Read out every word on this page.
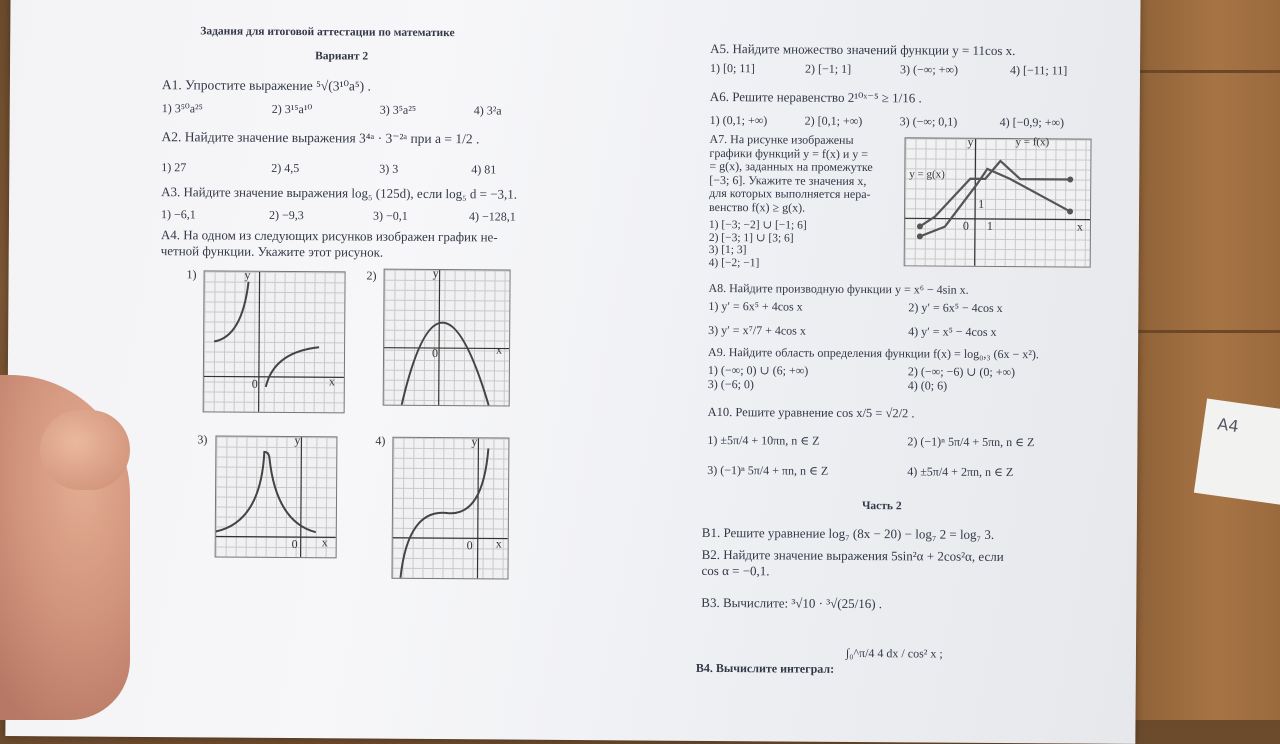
A4
Задания для итоговой аттестации по математике
Вариант 2
A1. Упростите выражение ⁵√(3¹⁰a⁵) .
1) 3⁵⁰a²⁵	2) 3¹⁵a¹⁰	3) 3⁵a²⁵	4) 3²a
A2. Найдите значение выражения 3⁴ᵃ · 3⁻²ᵃ при a = 1/2 .
1) 27	2) 4,5	3) 3	4) 81
A3. Найдите значение выражения log₅ (125d), если log₅ d = −3,1.
1) −6,1	2) −9,3	3) −0,1	4) −128,1
A4. На одном из следующих рисунков изображен график не-
четной функции. Укажите этот рисунок.
1)	y
x
0
2)	y
x
0
3)	y
x
0
4)	y
x
0
A5. Найдите множество значений функции y = 11cos x.
1) [0; 11]	2) [−1; 1]	3) (−∞; +∞)	4) [−11; 11]
A6. Решите неравенство 2¹⁰ˣ⁻⁵ ≥ 1/16 .
1) (0,1; +∞)	2) [0,1; +∞)	3) (−∞; 0,1)	4) [−0,9; +∞)
A7. На рисунке изображены
графики функций y = f(x) и y =
= g(x), заданных на промежутке
[−3; 6]. Укажите те значения x,
для которых выполняется нера-
венство f(x) ≥ g(x).
1) [−3; −2] ∪ [−1; 6]
2) [−3; 1] ∪ [3; 6]
3) [1; 3]
4) [−2; −1]
y	y = f(x)
y = g(x)
0 1
1
x
A8. Найдите производную функции y = x⁶ − 4sin x.
1) y′ = 6x⁵ + 4cos x	2) y′ = 6x⁵ − 4cos x
3) y′ = x⁷/7 + 4cos x	4) y′ = x⁵ − 4cos x
A9. Найдите область определения функции f(x) = log₀,₃ (6x − x²).
1) (−∞; 0) ∪ (6; +∞)	2) (−∞; −6) ∪ (0; +∞)
3) (−6; 0)	4) (0; 6)
A10. Решите уравнение cos x/5 = √2/2 .
1) ±5π/4 + 10πn, n ∈ Z	2) (−1)ⁿ 5π/4 + 5πn, n ∈ Z
3) (−1)ⁿ 5π/4 + πn, n ∈ Z	4) ±5π/4 + 2πn, n ∈ Z
Часть 2
B1. Решите уравнение log₇ (8x − 20) − log₇ 2 = log₇ 3.
B2. Найдите значение выражения 5sin²α + 2cos²α, если
cos α = −0,1.
B3. Вычислите: ³√10 · ³√(25/16) .
B4. Вычислите интеграл:
∫₀^π/4 4 dx / cos² x ;
